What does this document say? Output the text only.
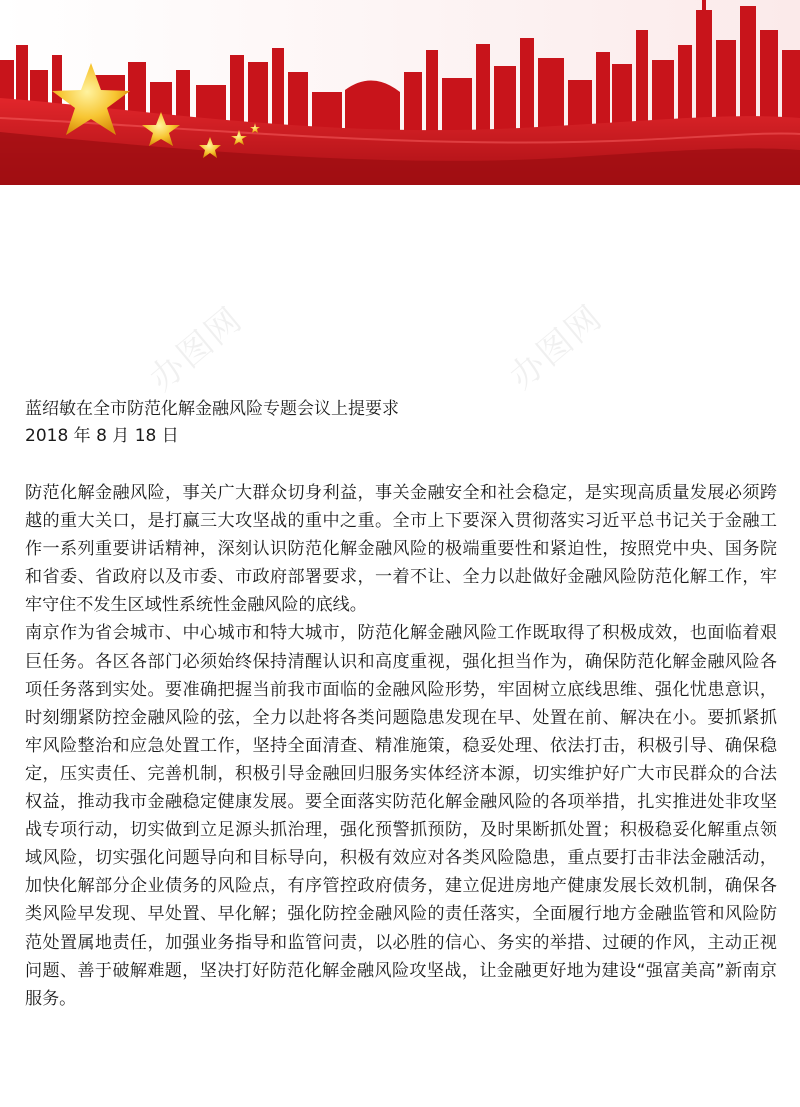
办图网	办图网

蓝绍敏在全市防范化解金融风险专题会议上提要求

2018 年 8 月 18 日

防范化解金融风险，事关广大群众切身利益，事关金融安全和社会稳定，是实现高质量发展必须跨越的重大关口，是打赢三大攻坚战的重中之重。全市上下要深入贯彻落实习近平总书记关于金融工作一系列重要讲话精神，深刻认识防范化解金融风险的极端重要性和紧迫性，按照党中央、国务院和省委、省政府以及市委、市政府部署要求，一着不让、全力以赴做好金融风险防范化解工作，牢牢守住不发生区域性系统性金融风险的底线。

南京作为省会城市、中心城市和特大城市，防范化解金融风险工作既取得了积极成效，也面临着艰巨任务。各区各部门必须始终保持清醒认识和高度重视，强化担当作为，确保防范化解金融风险各项任务落到实处。要准确把握当前我市面临的金融风险形势，牢固树立底线思维、强化忧患意识，时刻绷紧防控金融风险的弦，全力以赴将各类问题隐患发现在早、处置在前、解决在小。要抓紧抓牢风险整治和应急处置工作，坚持全面清查、精准施策，稳妥处理、依法打击，积极引导、确保稳定，压实责任、完善机制，积极引导金融回归服务实体经济本源，切实维护好广大市民群众的合法权益，推动我市金融稳定健康发展。要全面落实防范化解金融风险的各项举措，扎实推进处非攻坚战专项行动，切实做到立足源头抓治理，强化预警抓预防，及时果断抓处置；积极稳妥化解重点领域风险，切实强化问题导向和目标导向，积极有效应对各类风险隐患，重点要打击非法金融活动，加快化解部分企业债务的风险点，有序管控政府债务，建立促进房地产健康发展长效机制，确保各类风险早发现、早处置、早化解；强化防控金融风险的责任落实，全面履行地方金融监管和风险防范处置属地责任，加强业务指导和监管问责，以必胜的信心、务实的举措、过硬的作风，主动正视问题、善于破解难题，坚决打好防范化解金融风险攻坚战，让金融更好地为建设“强富美高”新南京服务。
